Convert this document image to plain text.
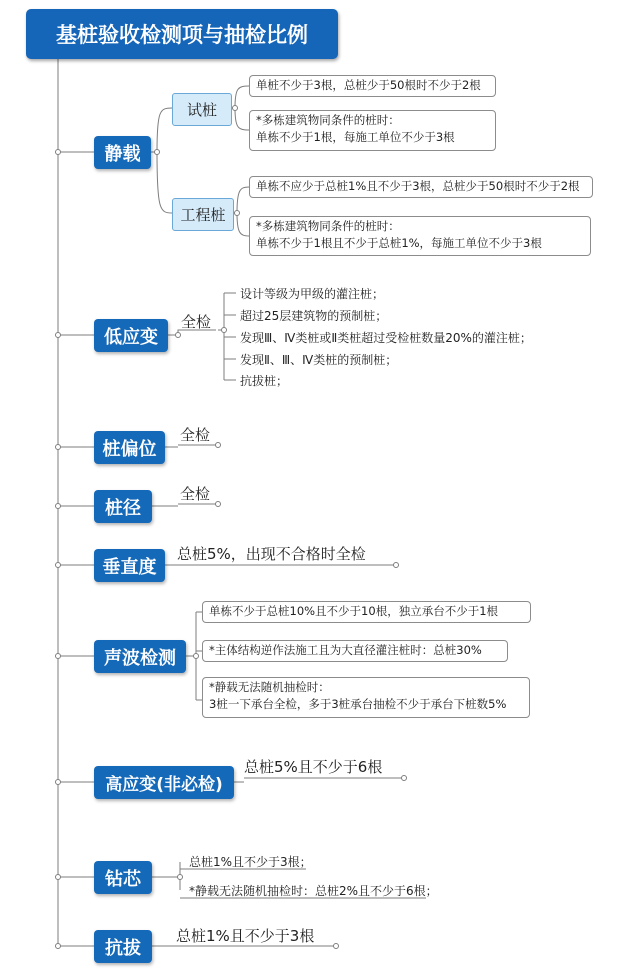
基桩验收检测项与抽检比例
静载
试桩
单桩不少于3根，总桩少于50根时不少于2根
*多栋建筑物同条件的桩时：
单栋不少于1根，每施工单位不少于3根
工程桩
单栋不应少于总桩1%且不少于3根，总桩少于50根时不少于2根
*多栋建筑物同条件的桩时：
单栋不少于1根且不少于总桩1%，每施工单位不少于3根
低应变
全检
设计等级为甲级的灌注桩；
超过25层建筑物的预制桩；
发现Ⅲ、Ⅳ类桩或Ⅱ类桩超过受检桩数量20%的灌注桩；
发现Ⅱ、Ⅲ、Ⅳ类桩的预制桩；
抗拔桩；
桩偏位
全检
桩径
全检
垂直度
总桩5%，出现不合格时全检
声波检测
单栋不少于总桩10%且不少于10根，独立承台不少于1根
*主体结构逆作法施工且为大直径灌注桩时：总桩30%
*静载无法随机抽检时：
3桩一下承台全检，多于3桩承台抽检不少于承台下桩数5%
高应变(非必检)
总桩5%且不少于6根
钻芯
总桩1%且不少于3根；
*静载无法随机抽检时：总桩2%且不少于6根；
抗拔
总桩1%且不少于3根
